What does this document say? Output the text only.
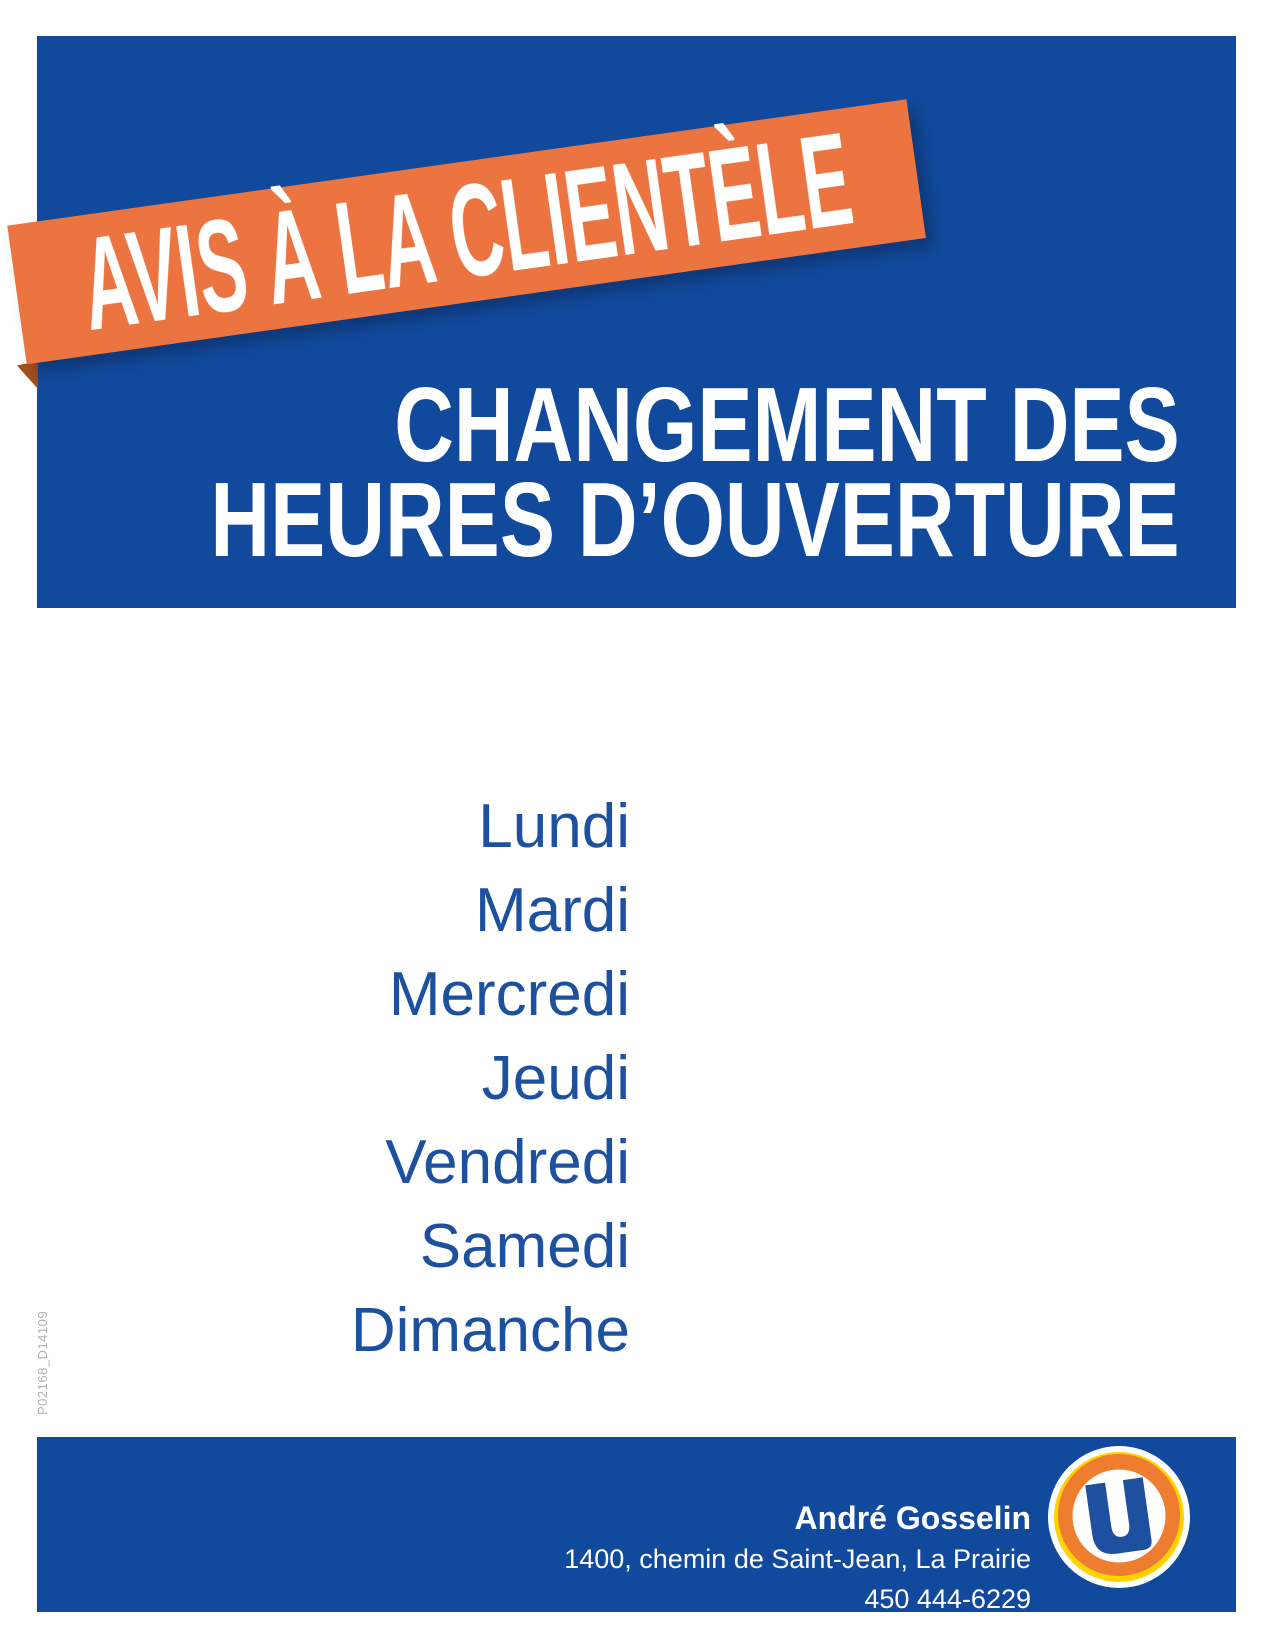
AVIS À LA CLIENTÈLE
CHANGEMENT DES
HEURES D’OUVERTURE
Lundi
Mardi
Mercredi
Jeudi
Vendredi
Samedi
Dimanche
P02168_D14109
André Gosselin
1400, chemin de Saint-Jean, La Prairie
450 444-6229
